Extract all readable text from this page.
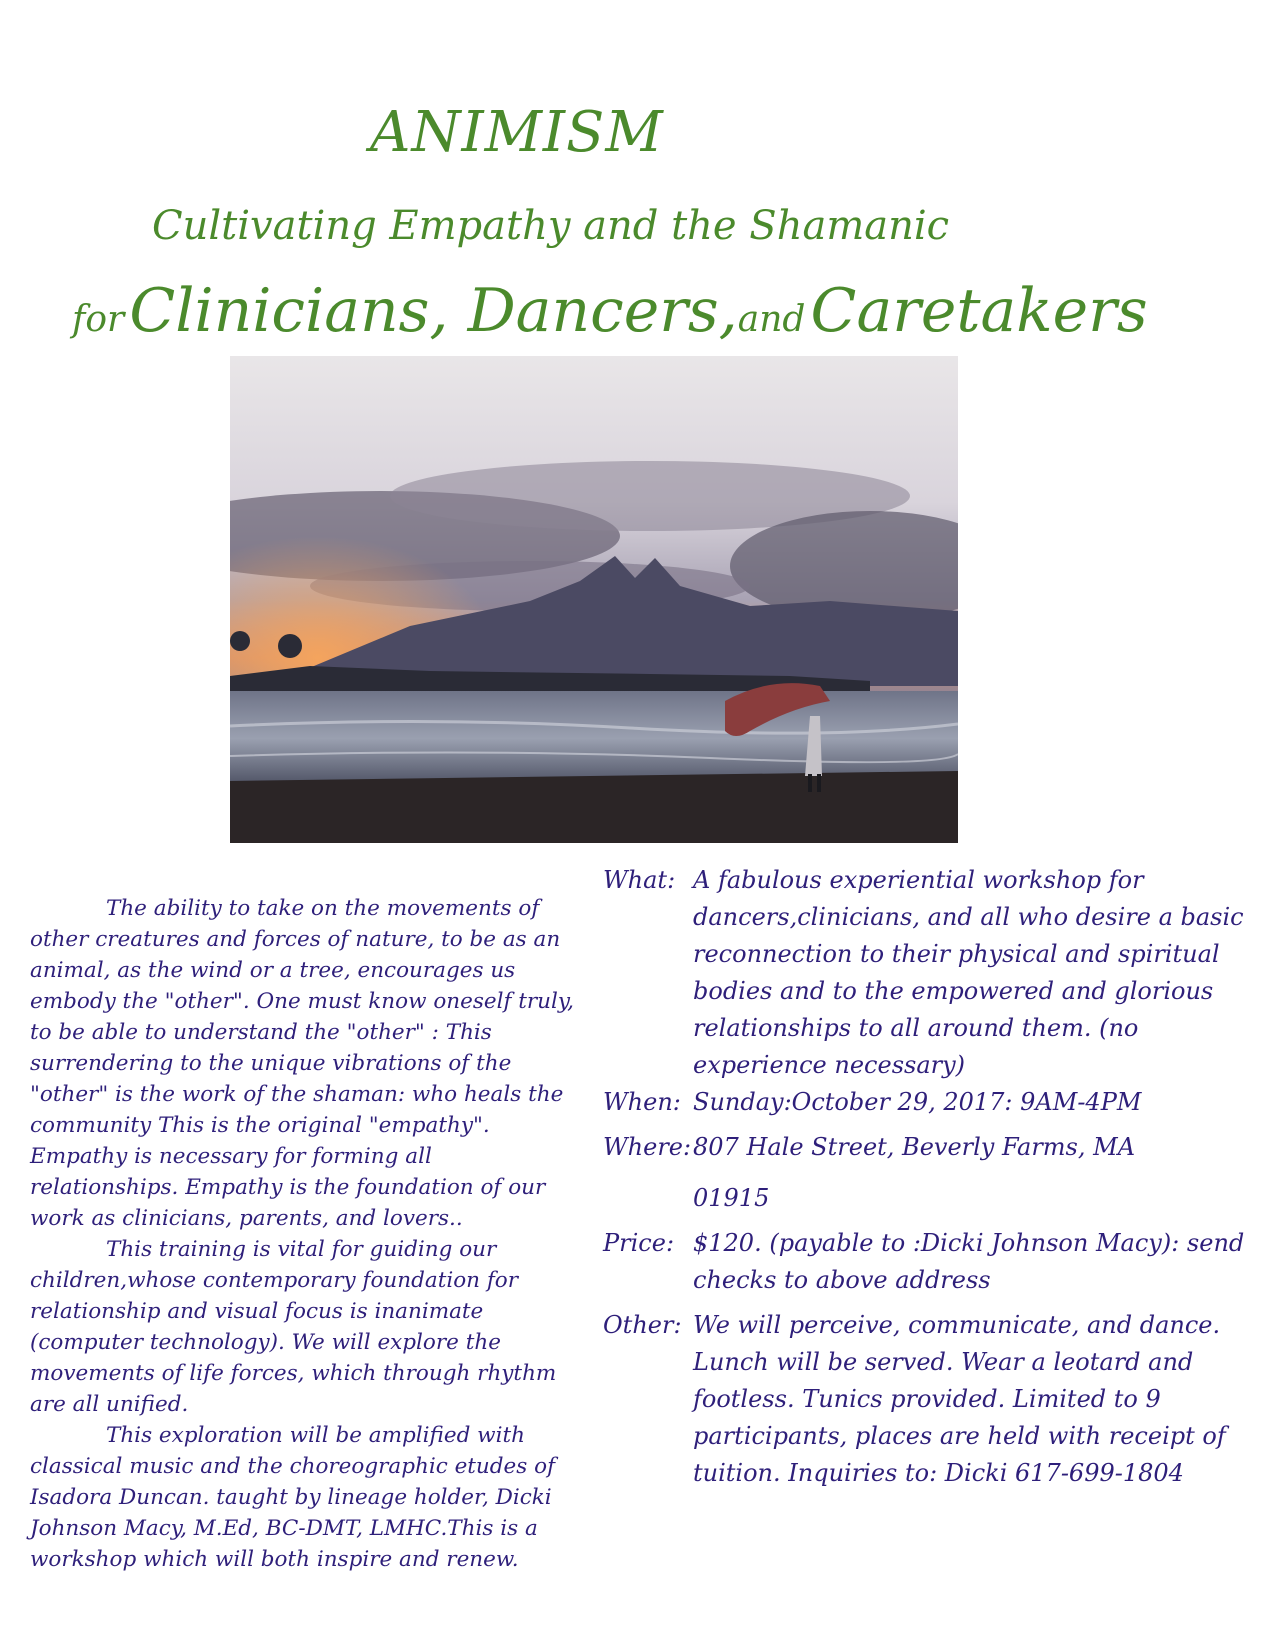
ANIMISM
Cultivating Empathy and the Shamanic
for Clinicians, Dancers,and Caretakers

The ability to take on the movements of other creatures and forces of nature, to be as an animal, as the wind or a tree, encourages us embody the "other". One must know oneself truly, to be able to understand the "other" : This surrendering to the unique vibrations of the "other" is the work of the shaman: who heals the community This is the original "empathy". Empathy is necessary for forming all relationships. Empathy is the foundation of our work as clinicians, parents, and lovers..

This training is vital for guiding our children,whose contemporary foundation for relationship and visual focus is inanimate (computer technology). We will explore the movements of life forces, which through rhythm are all unified.

This exploration will be amplified with classical music and the choreographic etudes of Isadora Duncan. taught by lineage holder, Dicki Johnson Macy, M.Ed, BC-DMT, LMHC.This is a workshop which will both inspire and renew.

What: A fabulous experiential workshop for dancers,clinicians, and all who desire a basic reconnection to their physical and spiritual bodies and to the empowered and glorious relationships to all around them. (no experience necessary)
When: Sunday:October 29, 2017: 9AM-4PM
Where: 807 Hale Street, Beverly Farms, MA
01915
Price: $120. (payable to :Dicki Johnson Macy): send checks to above address
Other: We will perceive, communicate, and dance. Lunch will be served. Wear a leotard and footless. Tunics provided. Limited to 9 participants, places are held with receipt of tuition. Inquiries to: Dicki 617-699-1804
